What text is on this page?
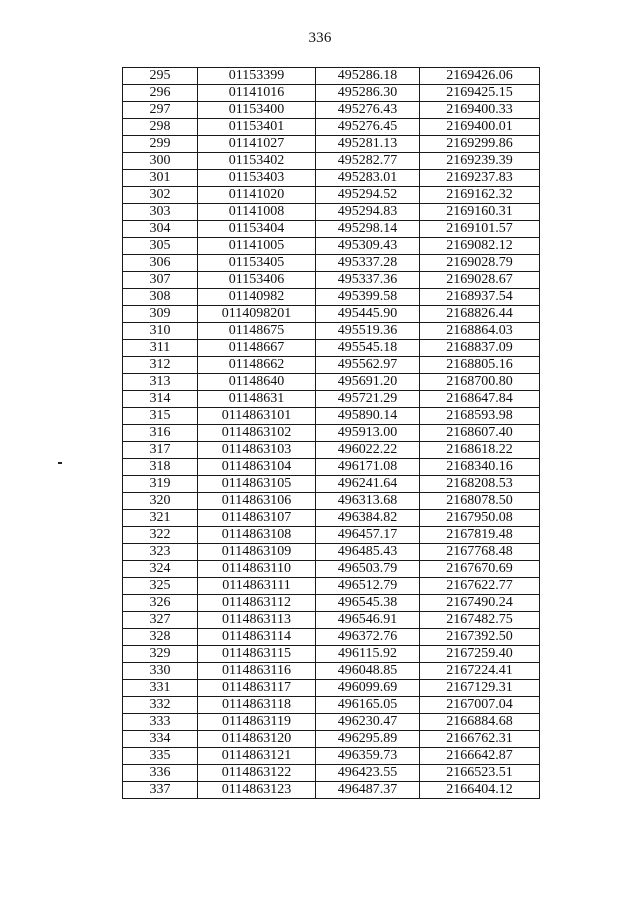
336
295	01153399	495286.18	2169426.06
296	01141016	495286.30	2169425.15
297	01153400	495276.43	2169400.33
298	01153401	495276.45	2169400.01
299	01141027	495281.13	2169299.86
300	01153402	495282.77	2169239.39
301	01153403	495283.01	2169237.83
302	01141020	495294.52	2169162.32
303	01141008	495294.83	2169160.31
304	01153404	495298.14	2169101.57
305	01141005	495309.43	2169082.12
306	01153405	495337.28	2169028.79
307	01153406	495337.36	2169028.67
308	01140982	495399.58	2168937.54
309	0114098201	495445.90	2168826.44
310	01148675	495519.36	2168864.03
311	01148667	495545.18	2168837.09
312	01148662	495562.97	2168805.16
313	01148640	495691.20	2168700.80
314	01148631	495721.29	2168647.84
315	0114863101	495890.14	2168593.98
316	0114863102	495913.00	2168607.40
317	0114863103	496022.22	2168618.22
318	0114863104	496171.08	2168340.16
319	0114863105	496241.64	2168208.53
320	0114863106	496313.68	2168078.50
321	0114863107	496384.82	2167950.08
322	0114863108	496457.17	2167819.48
323	0114863109	496485.43	2167768.48
324	0114863110	496503.79	2167670.69
325	0114863111	496512.79	2167622.77
326	0114863112	496545.38	2167490.24
327	0114863113	496546.91	2167482.75
328	0114863114	496372.76	2167392.50
329	0114863115	496115.92	2167259.40
330	0114863116	496048.85	2167224.41
331	0114863117	496099.69	2167129.31
332	0114863118	496165.05	2167007.04
333	0114863119	496230.47	2166884.68
334	0114863120	496295.89	2166762.31
335	0114863121	496359.73	2166642.87
336	0114863122	496423.55	2166523.51
337	0114863123	496487.37	2166404.12
